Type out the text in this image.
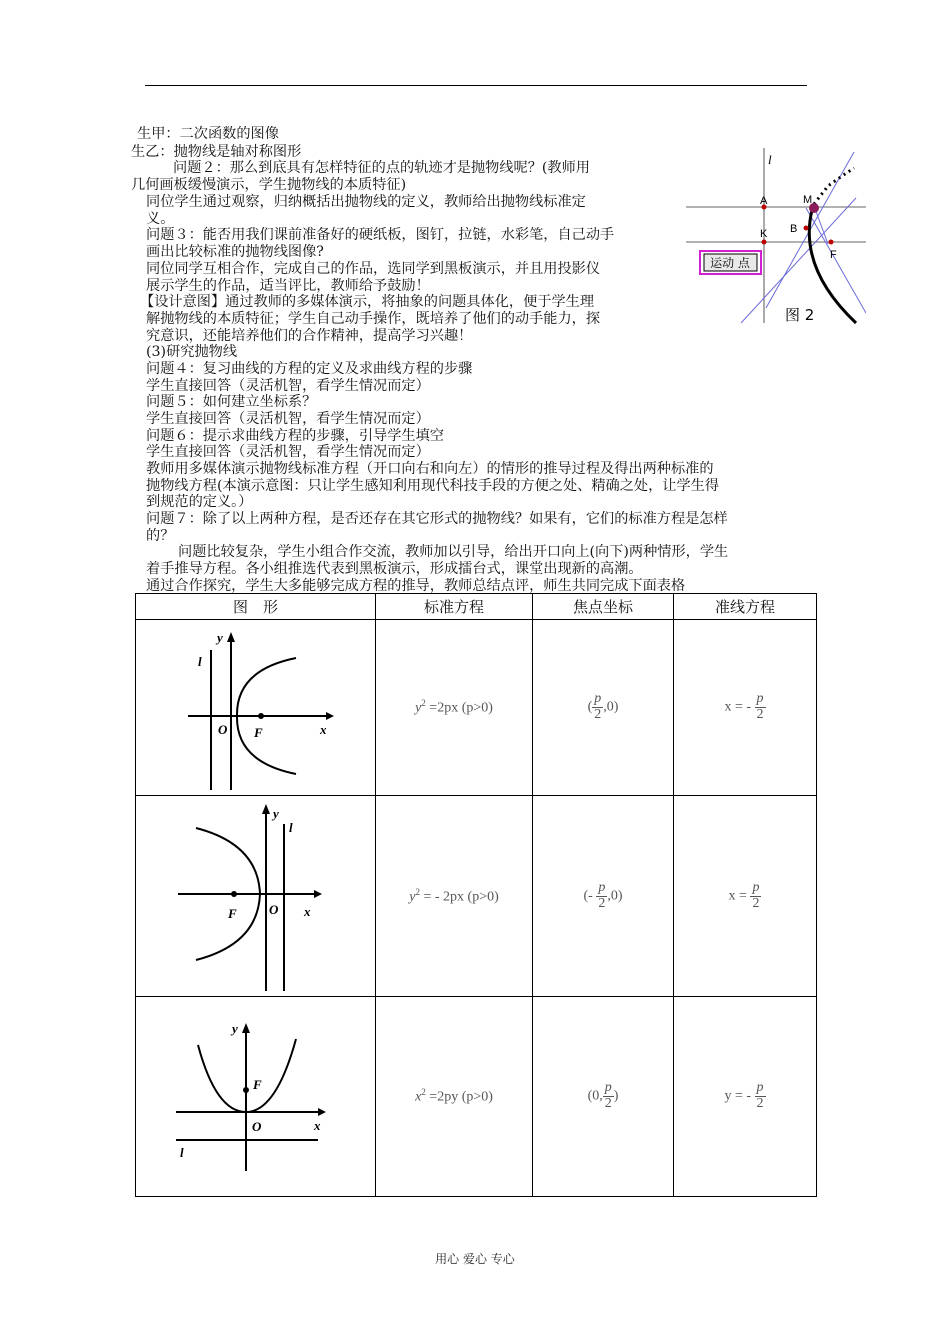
生甲：二次函数的图像
生乙：抛物线是轴对称图形
问题２：那么到底具有怎样特征的点的轨迹才是抛物线呢？(教师用
几何画板缓慢演示，学生抛物线的本质特征)
同位学生通过观察，归纳概括出抛物线的定义，教师给出抛物线标准定
义。
问题３：能否用我们课前准备好的硬纸板，图钉，拉链，水彩笔，自己动手
画出比较标准的抛物线图像?
同位同学互相合作，完成自己的作品，选同学到黑板演示，并且用投影仪
展示学生的作品，适当评比，教师给予鼓励！
【设计意图】通过教师的多媒体演示，将抽象的问题具体化，便于学生理
解抛物线的本质特征；学生自己动手操作，既培养了他们的动手能力，探
究意识，还能培养他们的合作精神，提高学习兴趣！
(3)研究抛物线
问题４：复习曲线的方程的定义及求曲线方程的步骤
学生直接回答（灵活机智，看学生情况而定）
问题５：如何建立坐标系？
学生直接回答（灵活机智，看学生情况而定）
问题６：提示求曲线方程的步骤，引导学生填空
学生直接回答（灵活机智，看学生情况而定）
教师用多媒体演示抛物线标准方程（开口向右和向左）的情形的推导过程及得出两种标准的
抛物线方程(本演示意图：只让学生感知利用现代科技手段的方便之处、精确之处，让学生得
到规范的定义。）
问题７：除了以上两种方程，是否还存在其它形式的抛物线？如果有，它们的标准方程是怎样
的？
问题比较复杂，学生小组合作交流，教师加以引导，给出开口向上(向下)两种情形，学生
着手推导方程。各小组推选代表到黑板演示，形成擂台式，课堂出现新的高潮。
通过合作探究，学生大多能够完成方程的推导，教师总结点评，师生共同完成下面表格
l
A	M
K B
F
运动 点
图 2
图　形	标准方程	焦点坐标	准线方程

y
x
O F
l	$y^2 =2px$ (p>0)	( $\frac{p}{2} ,0$)	x = - $\frac{p}{2}$

y
x
O
F
l	$y^2$ = - 2px (p>0)	(- $\frac{p}{2} ,0$)	$x = \frac{p}{2}$

y
x
O
F
l	$x^2 =2py$ (p>0)	(0, $\frac{p}{2}$ )	y = - $\frac{p}{2}$
用心 爱心 专心
